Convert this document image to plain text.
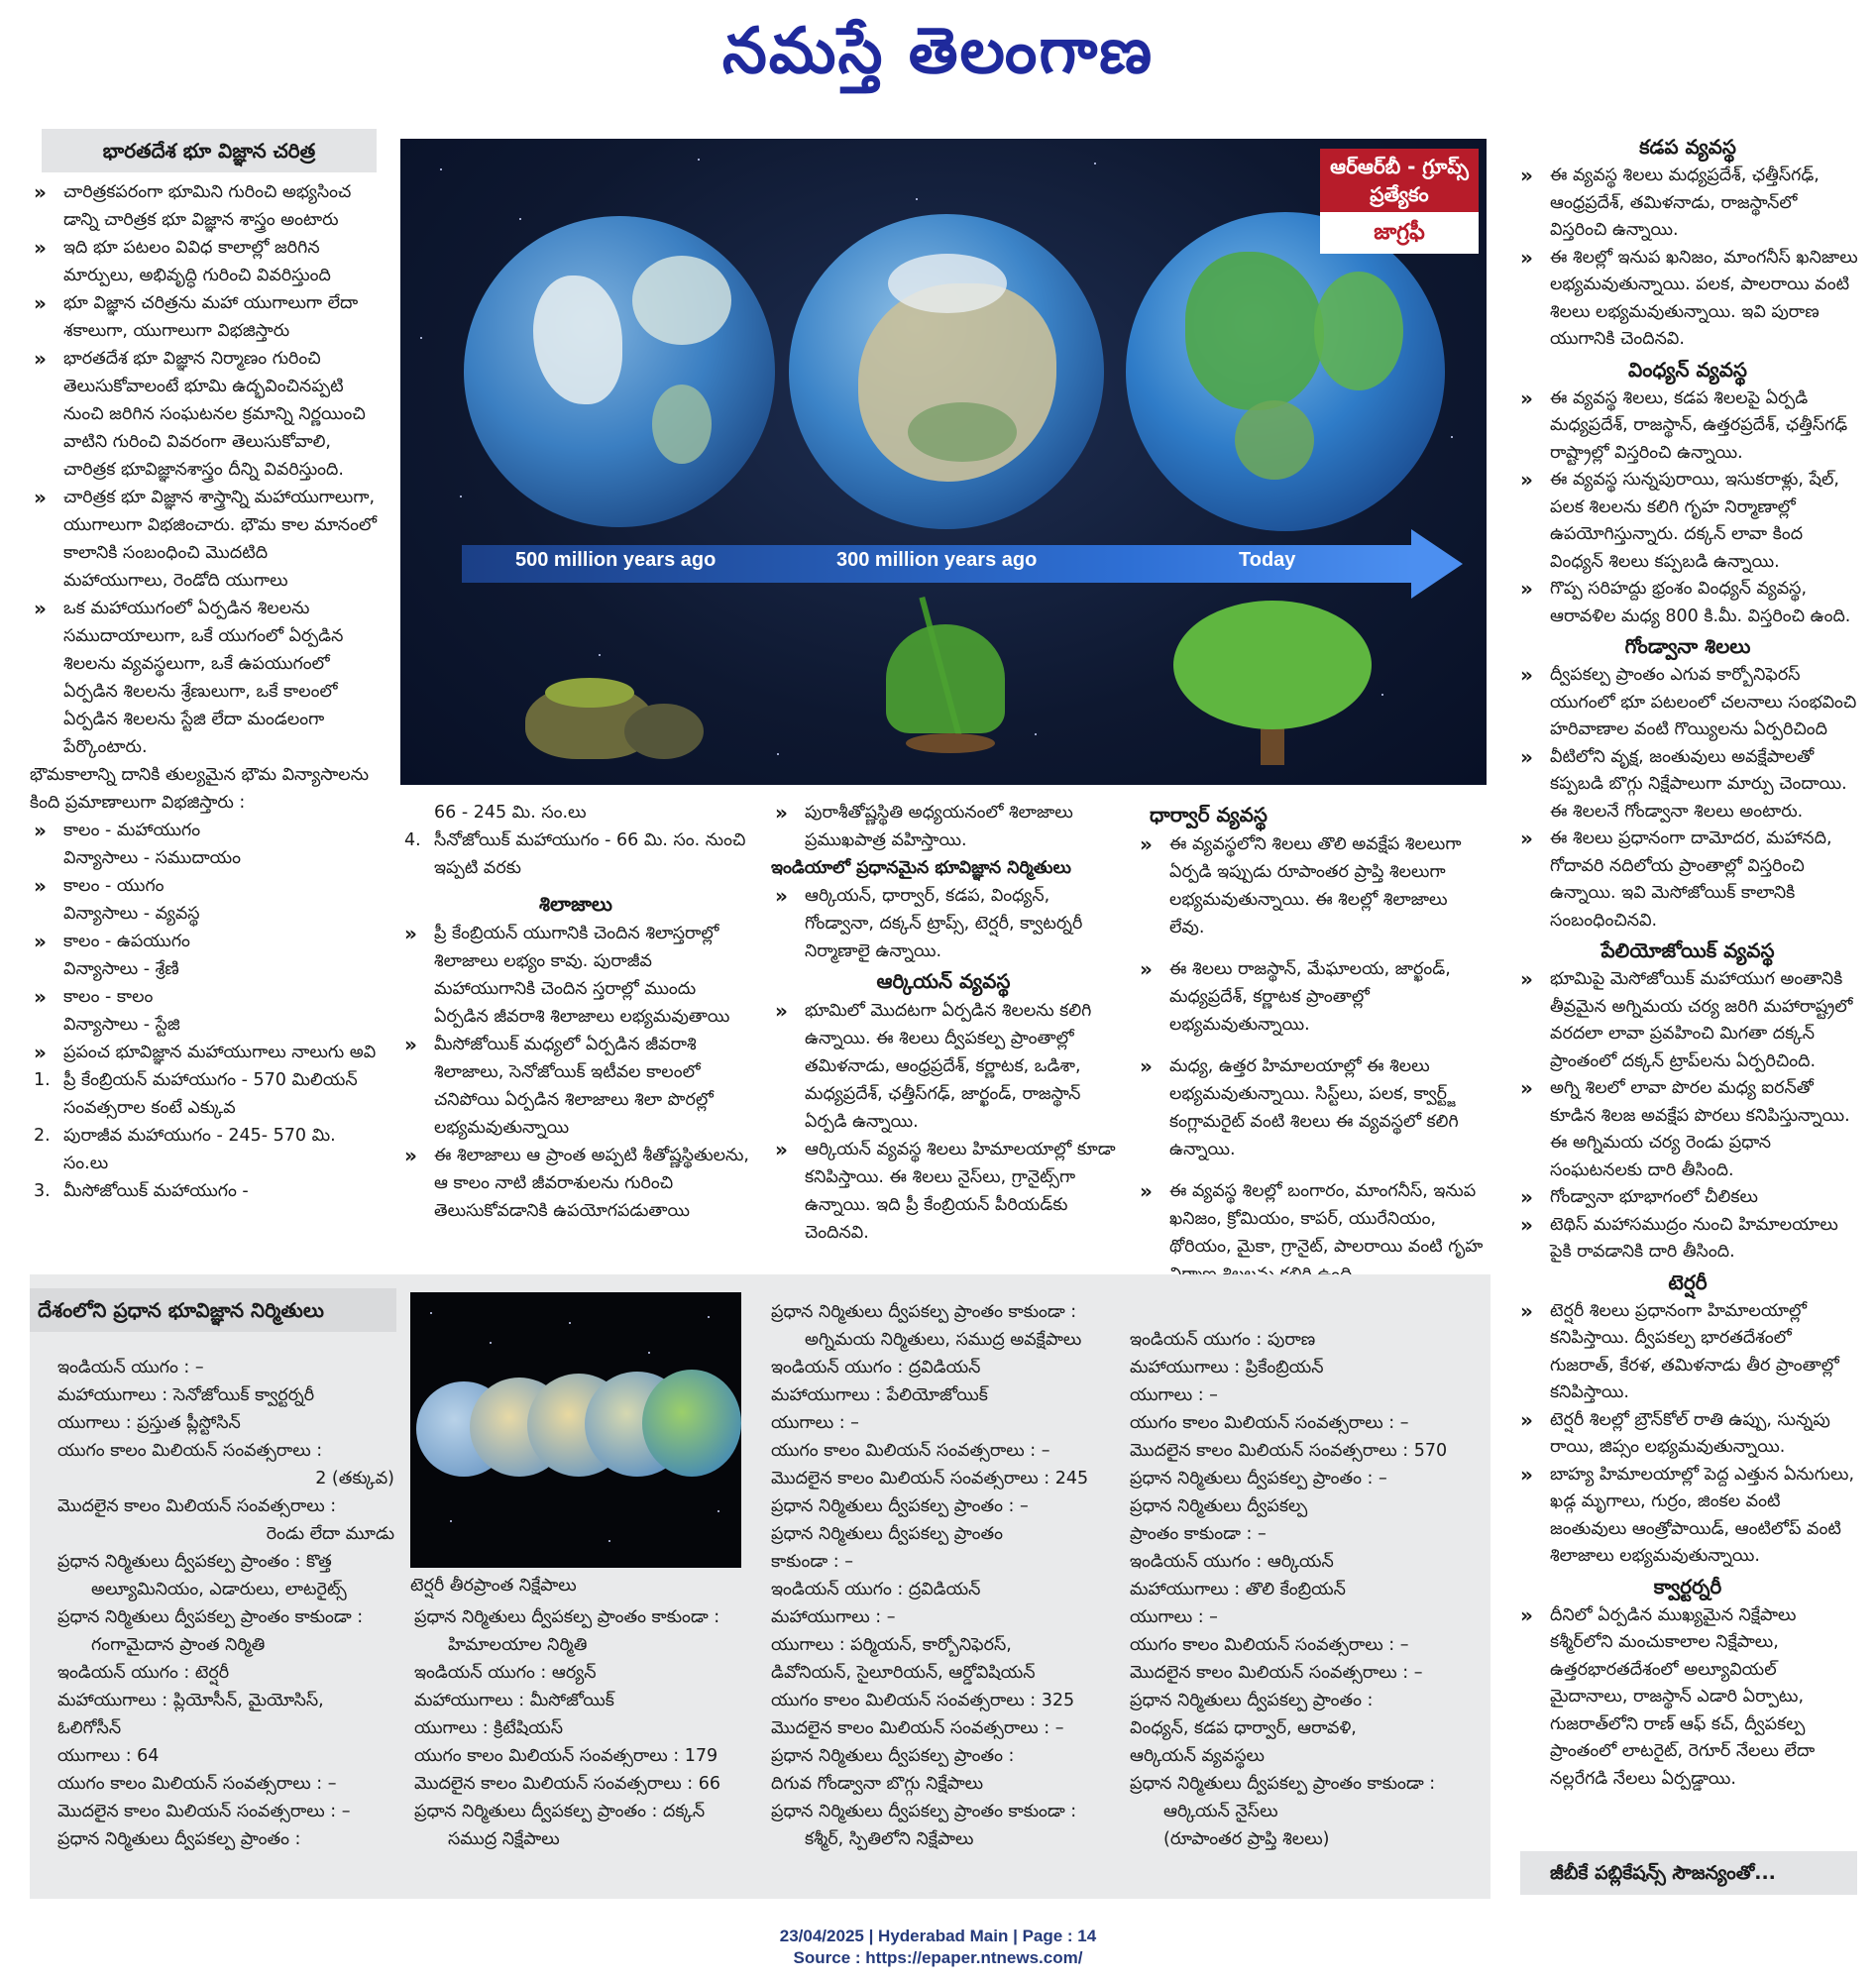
నమస్తే తెలంగాణ
భారతదేశ భూ విజ్ఞాన చరిత్ర

» చారిత్రకపరంగా భూమిని గురించి అభ్యసించ డాన్ని చారిత్రక భూ విజ్ఞాన శాస్త్రం అంటారు

» ఇది భూ పటలం వివిధ కాలాల్లో జరిగిన మార్పులు, అభివృద్ధి గురించి వివరిస్తుంది

» భూ విజ్ఞాన చరిత్రను మహా యుగాలుగా లేదా శకాలుగా, యుగాలుగా విభజిస్తారు

» భారతదేశ భూ విజ్ఞాన నిర్మాణం గురించి తెలుసుకోవాలంటే భూమి ఉద్భవించినప్పటి నుంచి జరిగిన సంఘటనల క్రమాన్ని నిర్ణయించి వాటిని గురించి వివరంగా తెలుసుకోవాలి, చారిత్రక భూవిజ్ఞానశాస్త్రం దీన్ని వివరిస్తుంది.

» చారిత్రక భూ విజ్ఞాన శాస్త్రాన్ని మహాయుగాలుగా, యుగాలుగా విభజించారు. భౌమ కాల మానంలో కాలానికి సంబంధించి మొదటిది మహాయుగాలు, రెండోది యుగాలు

» ఒక మహాయుగంలో ఏర్పడిన శిలలను సముదాయాలుగా, ఒకే యుగంలో ఏర్పడిన శిలలను వ్యవస్థలుగా, ఒకే ఉపయుగంలో ఏర్పడిన శిలలను శ్రేణులుగా, ఒకే కాలంలో ఏర్పడిన శిలలను స్టేజి లేదా మండలంగా పేర్కొంటారు.

భౌమకాలాన్ని దానికి తుల్యమైన భౌమ విన్యాసాలను కింది ప్రమాణాలుగా విభజిస్తారు :

» కాలం - మహాయుగం

విన్యాసాలు - సముదాయం

» కాలం - యుగం

విన్యాసాలు - వ్యవస్థ

» కాలం - ఉపయుగం

విన్యాసాలు - శ్రేణి

» కాలం - కాలం

విన్యాసాలు - స్టేజి

» ప్రపంచ భూవిజ్ఞాన మహాయుగాలు నాలుగు అవి

1. ప్రీ కేంబ్రియన్ మహాయుగం - 570 మిలియన్ సంవత్సరాల కంటే ఎక్కువ

2. పురాజీవ మహాయుగం - 245- 570 మి. సం.లు

3. మీసోజోయిక్ మహాయుగం -

500 million years ago	300 million years ago	Today
ఆర్ఆర్‌బీ - గ్రూప్స్ ప్రత్యేకం
జాగ్రఫీ

66 - 245 మి. సం.లు

4. సీనోజోయిక్ మహాయుగం - 66 మి. సం. నుంచి ఇప్పటి వరకు

శిలాజాలు

» ప్రీ కేంబ్రియన్ యుగానికి చెందిన శిలాస్తరాల్లో శిలాజాలు లభ్యం కావు. పురాజీవ మహాయుగానికి చెందిన స్తరాల్లో ముందు ఏర్పడిన జీవరాశి శిలాజాలు లభ్యమవుతాయి

» మీసోజోయిక్ మధ్యలో ఏర్పడిన జీవరాశి శిలాజాలు, సెనోజోయిక్ ఇటీవల కాలంలో చనిపోయి ఏర్పడిన శిలాజాలు శిలా పొరల్లో లభ్యమవుతున్నాయి

» ఈ శిలాజాలు ఆ ప్రాంత అప్పటి శీతోష్ణస్థితులను, ఆ కాలం నాటి జీవరాశులను గురించి తెలుసుకోవడానికి ఉపయోగపడుతాయి

» పురాశీతోష్ణస్థితి అధ్యయనంలో శిలాజాలు ప్రముఖపాత్ర వహిస్తాయి.

ఇండియాలో ప్రధానమైన భూవిజ్ఞాన నిర్మితులు

» ఆర్కియన్, ధార్వార్, కడప, వింధ్యన్, గోండ్వానా, దక్కన్ ట్రాప్స్, టెర్షరీ, క్వాటర్నరీ నిర్మాణాలై ఉన్నాయి.

ఆర్కియన్ వ్యవస్థ

» భూమిలో మొదటగా ఏర్పడిన శిలలను కలిగి ఉన్నాయి. ఈ శిలలు ద్వీపకల్ప ప్రాంతాల్లో తమిళనాడు, ఆంధ్రప్రదేశ్, కర్ణాటక, ఒడిశా, మధ్యప్రదేశ్, ఛత్తీస్‌గఢ్, జార్ఖండ్, రాజస్థాన్ ఏర్పడి ఉన్నాయి.

» ఆర్కియన్ వ్యవస్థ శిలలు హిమాలయాల్లో కూడా కనిపిస్తాయి. ఈ శిలలు నైస్‌లు, గ్రానైట్స్‌గా ఉన్నాయి. ఇది ప్రీ కేంబ్రియన్ పీరియడ్‌కు చెందినవి.

ధార్వార్ వ్యవస్థ

» ఈ వ్యవస్థలోని శిలలు తొలి అవక్షేప శిలలుగా ఏర్పడి ఇప్పుడు రూపాంతర ప్రాప్తి శిలలుగా లభ్యమవుతున్నాయి. ఈ శిలల్లో శిలాజాలు లేవు.

» ఈ శిలలు రాజస్థాన్, మేఘాలయ, జార్ఖండ్, మధ్యప్రదేశ్, కర్ణాటక ప్రాంతాల్లో లభ్యమవుతున్నాయి.

» మధ్య, ఉత్తర హిమాలయాల్లో ఈ శిలలు లభ్యమవుతున్నాయి. సిస్ట్‌లు, పలక, క్వార్ట్జ్ కంగ్లామరైట్ వంటి శిలలు ఈ వ్యవస్థలో కలిగి ఉన్నాయి.

» ఈ వ్యవస్థ శిలల్లో బంగారం, మాంగనీస్, ఇనుప ఖనిజం, క్రోమియం, కాపర్, యురేనియం, థోరియం, మైకా, గ్రానైట్, పాలరాయి వంటి గృహ

కడప వ్యవస్థ

» ఈ వ్యవస్థ శిలలు మధ్యప్రదేశ్, ఛత్తీస్‌గఢ్, ఆంధ్రప్రదేశ్, తమిళనాడు, రాజస్థాన్‌లో విస్తరించి ఉన్నాయి.

» ఈ శిలల్లో ఇనుప ఖనిజం, మాంగనీస్ ఖనిజాలు లభ్యమవుతున్నాయి. పలక, పాలరాయి వంటి శిలలు లభ్యమవుతున్నాయి. ఇవి పురాణ యుగానికి చెందినవి.

వింధ్యన్ వ్యవస్థ

» ఈ వ్యవస్థ శిలలు, కడప శిలలపై ఏర్పడి మధ్యప్రదేశ్, రాజస్థాన్, ఉత్తరప్రదేశ్, ఛత్తీస్‌గఢ్ రాష్ట్రాల్లో విస్తరించి ఉన్నాయి.

» ఈ వ్యవస్థ సున్నపురాయి, ఇసుకరాళ్లు, షేల్, పలక శిలలను కలిగి గృహ నిర్మాణాల్లో ఉపయోగిస్తున్నారు. దక్కన్ లావా కింద వింధ్యన్ శిలలు కప్పబడి ఉన్నాయి.

» గొప్ప సరిహద్దు భ్రంశం వింధ్యన్ వ్యవస్థ, ఆరావళిల మధ్య 800 కి.మీ. విస్తరించి ఉంది.

గోండ్వానా శిలలు

» ద్వీపకల్ప ప్రాంతం ఎగువ కార్బోనిఫెరస్ యుగంలో భూ పటలంలో చలనాలు సంభవించి హరివాణాల వంటి గొయ్యిలను ఏర్పరిచింది

» వీటిలోని వృక్ష, జంతువులు అవక్షేపాలతో కప్పబడి బొగ్గు నిక్షేపాలుగా మార్పు చెందాయి. ఈ శిలలనే గోండ్వానా శిలలు అంటారు.

» ఈ శిలలు ప్రధానంగా దామోదర, మహానది, గోదావరి నదిలోయ ప్రాంతాల్లో విస్తరించి ఉన్నాయి. ఇవి మెసోజోయిక్ కాలానికి సంబంధించినవి.

పేలియోజోయిక్ వ్యవస్థ

» భూమిపై మెసోజోయిక్ మహాయుగ అంతానికి తీవ్రమైన అగ్నిమయ చర్య జరిగి మహారాష్ట్రలో వరదలా లావా ప్రవహించి మిగతా దక్కన్ ప్రాంతంలో దక్కన్ ట్రాప్‌లను ఏర్పరిచింది.

» అగ్ని శిలలో లావా పొరల మధ్య ఐరన్‌తో కూడిన శిలజ అవక్షేప పొరలు కనిపిస్తున్నాయి. ఈ అగ్నిమయ చర్య రెండు ప్రధాన సంఘటనలకు దారి తీసింది.

» గోండ్వానా భూభాగంలో చీలికలు

» టెథిస్ మహాసముద్రం నుంచి హిమాలయాలు పైకి రావడానికి దారి తీసింది.

టెర్షరీ

» టెర్షరీ శిలలు ప్రధానంగా హిమాలయాల్లో కనిపిస్తాయి. ద్వీపకల్ప భారతదేశంలో గుజరాత్, కేరళ, తమిళనాడు తీర ప్రాంతాల్లో కనిపిస్తాయి.

» టెర్షరీ శిలల్లో బ్రౌన్‌కోల్ రాతి ఉప్పు, సున్నపు రాయి, జిప్సం లభ్యమవుతున్నాయి.

» బాహ్య హిమాలయాల్లో పెద్ద ఎత్తున ఏనుగులు, ఖడ్గ మృగాలు, గుర్రం, జింకల వంటి జంతువులు ఆంత్రోపాయిడ్, ఆంటిలోప్ వంటి శిలాజాలు లభ్యమవుతున్నాయి.

క్వార్టర్నరీ

» దీనిలో ఏర్పడిన ముఖ్యమైన నిక్షేపాలు కశ్మీర్‌లోని మంచుకాలాల నిక్షేపాలు, ఉత్తరభారతదేశంలో అల్యూవియల్ మైదానాలు, రాజస్థాన్ ఎడారి ఏర్పాటు, గుజరాత్‌లోని రాణ్ ఆఫ్ కచ్, ద్వీపకల్ప ప్రాంతంలో లాటరైట్, రెగూర్ నేలలు లేదా నల్లరేగడి నేలలు ఏర్పడ్డాయి.

జీబీకే పబ్లికేషన్స్ సౌజన్యంతో...
దేశంలోని ప్రధాన భూవిజ్ఞాన నిర్మితులు
టెర్షరీ తీరప్రాంత నిక్షేపాలు

ఇండియన్ యుగం : –

మహాయుగాలు : సెనోజోయిక్ క్వార్టర్నరీ

యుగాలు : ప్రస్తుత ప్లీస్టోసిన్

యుగం కాలం మిలియన్ సంవత్సరాలు :

2 (తక్కువ)

మొదలైన కాలం మిలియన్ సంవత్సరాలు :

రెండు లేదా మూడు

ప్రధాన నిర్మితులు ద్వీపకల్ప ప్రాంతం : కొత్త

అల్యూమినియం, ఎడారులు, లాటరైట్స్

ప్రధాన నిర్మితులు ద్వీపకల్ప ప్రాంతం కాకుండా :

గంగామైదాన ప్రాంత నిర్మితి

ఇండియన్ యుగం : టెర్షరీ

మహాయుగాలు : ప్లియోసీన్, మైయోసిస్,

ఓలిగోసీన్

యుగాలు : 64

యుగం కాలం మిలియన్ సంవత్సరాలు : –

మొదలైన కాలం మిలియన్ సంవత్సరాలు : –

ప్రధాన నిర్మితులు ద్వీపకల్ప ప్రాంతం :

ప్రధాన నిర్మితులు ద్వీపకల్ప ప్రాంతం కాకుండా :

హిమాలయాల నిర్మితి

ఇండియన్ యుగం : ఆర్యన్

మహాయుగాలు : మీసోజోయిక్

యుగాలు : క్రిటేషియస్

యుగం కాలం మిలియన్ సంవత్సరాలు : 179

మొదలైన కాలం మిలియన్ సంవత్సరాలు : 66

ప్రధాన నిర్మితులు ద్వీపకల్ప ప్రాంతం : దక్కన్

సముద్ర నిక్షేపాలు

ప్రధాన నిర్మితులు ద్వీపకల్ప ప్రాంతం కాకుండా :

అగ్నిమయ నిర్మితులు, సముద్ర అవక్షేపాలు

ఇండియన్ యుగం : ద్రవిడియన్

మహాయుగాలు : పేలియోజోయిక్

యుగాలు : –

యుగం కాలం మిలియన్ సంవత్సరాలు : –

మొదలైన కాలం మిలియన్ సంవత్సరాలు : 245

ప్రధాన నిర్మితులు ద్వీపకల్ప ప్రాంతం : –

ప్రధాన నిర్మితులు ద్వీపకల్ప ప్రాంతం

కాకుండా : –

ఇండియన్ యుగం : ద్రవిడియన్

మహాయుగాలు : –

యుగాలు : పర్మియన్, కార్బోనిఫెరస్,

డివోనియన్, సైలూరియన్, ఆర్డోవిషియన్

యుగం కాలం మిలియన్ సంవత్సరాలు : 325

మొదలైన కాలం మిలియన్ సంవత్సరాలు : –

ప్రధాన నిర్మితులు ద్వీపకల్ప ప్రాంతం :

దిగువ గోండ్వానా బొగ్గు నిక్షేపాలు

ప్రధాన నిర్మితులు ద్వీపకల్ప ప్రాంతం కాకుండా :

కశ్మీర్, స్పితిలోని నిక్షేపాలు

ఇండియన్ యుగం : పురాణ

మహాయుగాలు : ప్రికేంబ్రియన్

యుగాలు : –

యుగం కాలం మిలియన్ సంవత్సరాలు : –

మొదలైన కాలం మిలియన్ సంవత్సరాలు : 570

ప్రధాన నిర్మితులు ద్వీపకల్ప ప్రాంతం : –

ప్రధాన నిర్మితులు ద్వీపకల్ప

ప్రాంతం కాకుండా : –

ఇండియన్ యుగం : ఆర్కియన్

మహాయుగాలు : తొలి కేంబ్రియన్

యుగాలు : –

యుగం కాలం మిలియన్ సంవత్సరాలు : –

మొదలైన కాలం మిలియన్ సంవత్సరాలు : –

ప్రధాన నిర్మితులు ద్వీపకల్ప ప్రాంతం :

వింధ్యన్, కడప ధార్వార్, ఆరావళి,

ఆర్కియన్ వ్యవస్థలు

ప్రధాన నిర్మితులు ద్వీపకల్ప ప్రాంతం కాకుండా :

ఆర్కియన్ నైస్‌లు

(రూపాంతర ప్రాప్తి శిలలు)

23/04/2025 | Hyderabad Main | Page : 14
Source : https://epaper.ntnews.com/
